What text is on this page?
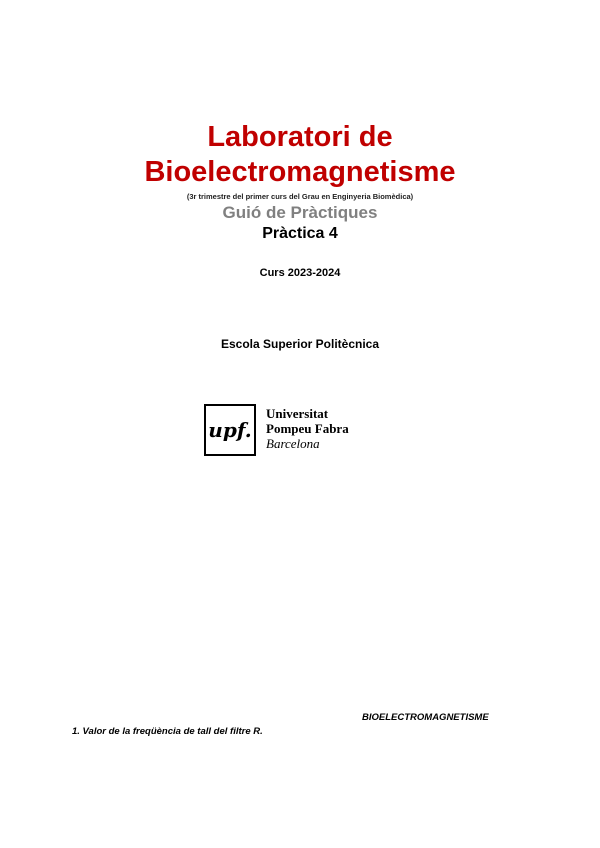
Laboratori de
Bioelectromagnetisme
(3r trimestre del primer curs del Grau en Enginyeria Biomèdica)
Guió de Pràctiques
Pràctica 4
Curs 2023-2024
Escola Superior Politècnica
upf.
Universitat
Pompeu Fabra
Barcelona
BIOELECTROMAGNETISME
1. Valor de la freqüència de tall del filtre R.
